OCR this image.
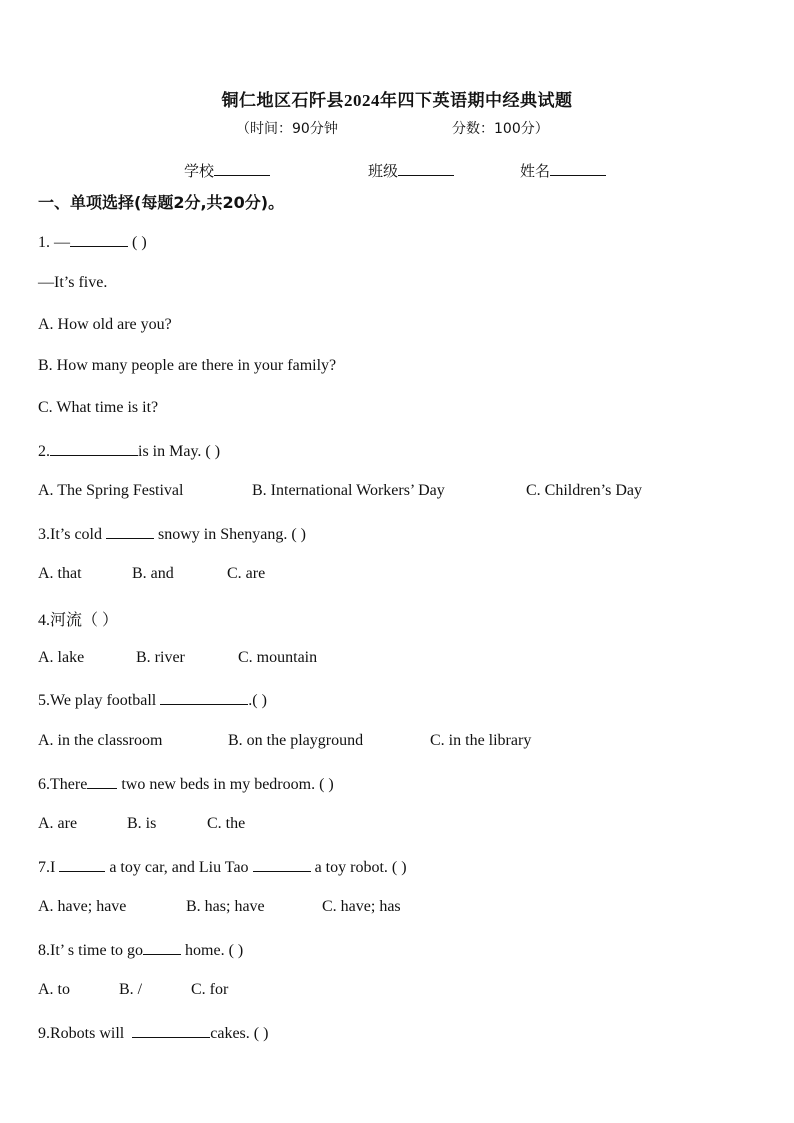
铜仁地区石阡县2024年四下英语期中经典试题
（时间：90分钟	分数：100分）
学校	班级	姓名
一、单项选择(每题2分,共20分)。
1. —	( )
—It’s five.
A. How old are you?
B. How many people are there in your family?
C. What time is it?
2.	is in May. ( )
A. The Spring Festival	B. International Workers’ Day	C. Children’s Day
3.It’s cold	snowy in Shenyang. ( )
A. that	B. and	C. are
4.河流（ ）
A. lake	B. river	C. mountain
5.We play football	.( )
A. in the classroom	B. on the playground	C. in the library
6.There two new beds in my bedroom. ( )
A. are	B. is	C. the
7.I	a toy car, and Liu Tao	a toy robot. ( )
A. have; have	B. has; have	C. have; has
8.It’ s time to go	home. ( )
A. to	B. /	C. for
9.Robots will	cakes. ( )
